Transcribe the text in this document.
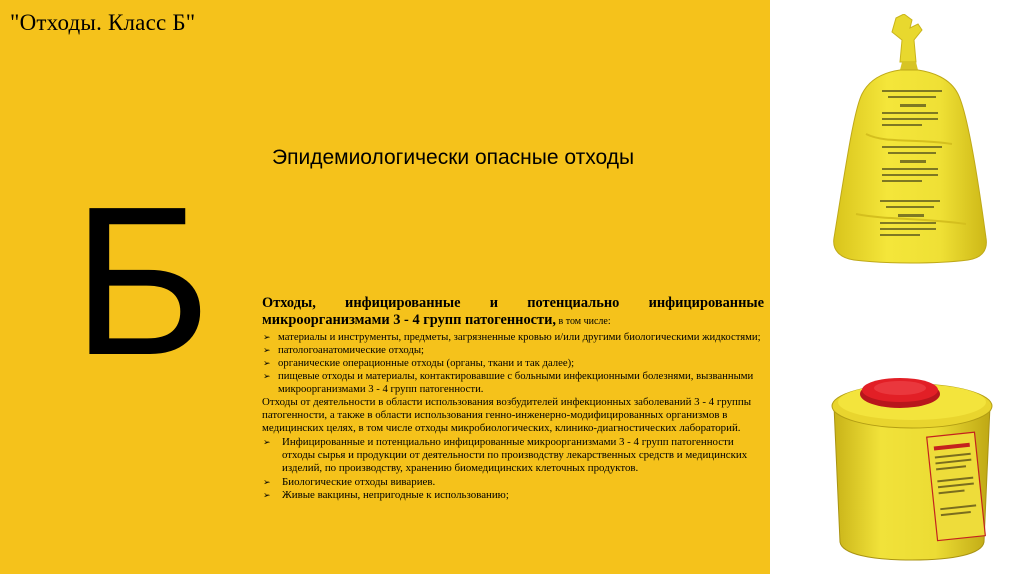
"Отходы. Класс Б"
Эпидемиологически опасные отходы
Б	Отходы, инфицированные и потенциально инфицированные микроорганизмами 3 - 4 групп патогенности, в том числе:

➢ материалы и инструменты, предметы, загрязненные кровью и/или другими биологическими жидкостями;
➢ патологоанатомические отходы;
➢ органические операционные отходы (органы, ткани и так далее);
➢ пищевые отходы и материалы, контактировавшие с больными инфекционными болезнями, вызванными микроорганизмами 3 - 4 групп патогенности.

Отходы от деятельности в области использования возбудителей инфекционных заболеваний 3 - 4 группы патогенности, а также в области использования генно-инженерно-модифицированных организмов в медицинских целях, в том числе отходы микробиологических, клинико-диагностических лабораторий.

➢ Инфицированные и потенциально инфицированные микроорганизмами 3 - 4 групп патогенности отходы сырья и продукции от деятельности по производству лекарственных средств и медицинских изделий, по производству, хранению биомедицинских клеточных продуктов.
➢ Биологические отходы вивариев.
➢ Живые вакцины, непригодные к использованию;
